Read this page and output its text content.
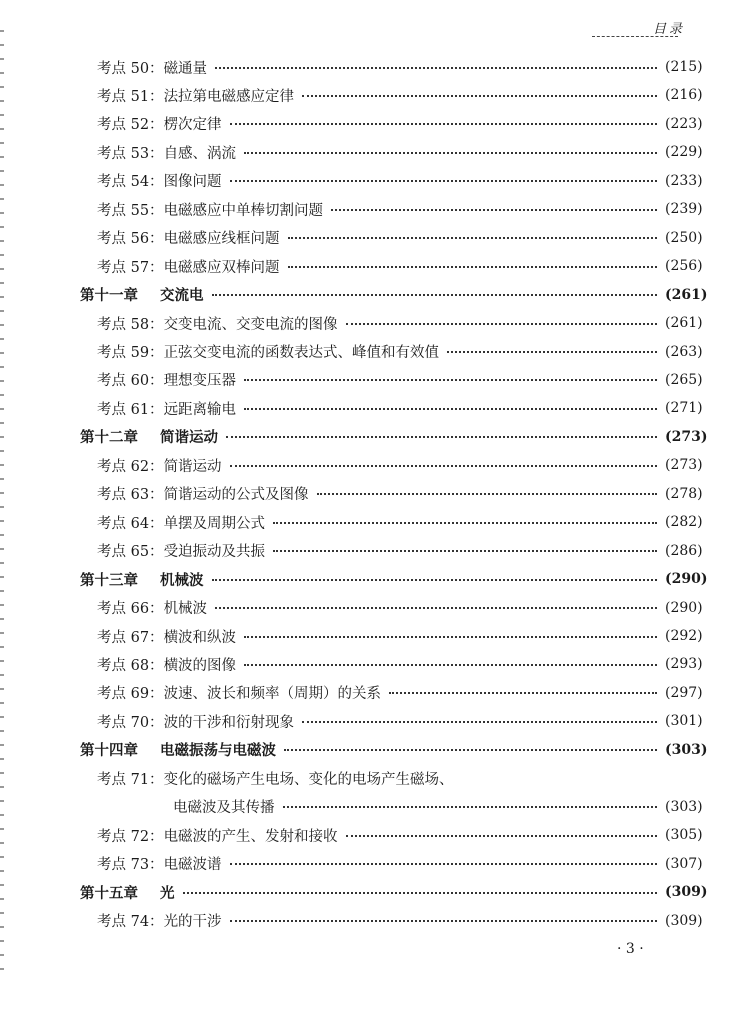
目录
考点 50： 磁通量	(215)
考点 51： 法拉第电磁感应定律	(216)
考点 52： 楞次定律	(223)
考点 53： 自感、涡流	(229)
考点 54： 图像问题	(233)
考点 55： 电磁感应中单棒切割问题	(239)
考点 56： 电磁感应线框问题	(250)
考点 57： 电磁感应双棒问题	(256)
第十一章 交流电	(261)
考点 58： 交变电流、交变电流的图像	(261)
考点 59： 正弦交变电流的函数表达式、峰值和有效值	(263)
考点 60： 理想变压器	(265)
考点 61： 远距离输电	(271)
第十二章 简谐运动	(273)
考点 62： 简谐运动	(273)
考点 63： 简谐运动的公式及图像	(278)
考点 64： 单摆及周期公式	(282)
考点 65： 受迫振动及共振	(286)
第十三章 机械波	(290)
考点 66： 机械波	(290)
考点 67： 横波和纵波	(292)
考点 68： 横波的图像	(293)
考点 69： 波速、波长和频率（周期）的关系	(297)
考点 70： 波的干涉和衍射现象	(301)
第十四章 电磁振荡与电磁波	(303)
考点 71： 变化的磁场产生电场、变化的电场产生磁场、
电磁波及其传播	(303)
考点 72： 电磁波的产生、发射和接收	(305)
考点 73： 电磁波谱	(307)
第十五章 光	(309)
考点 74： 光的干涉	(309)
· 3 ·
